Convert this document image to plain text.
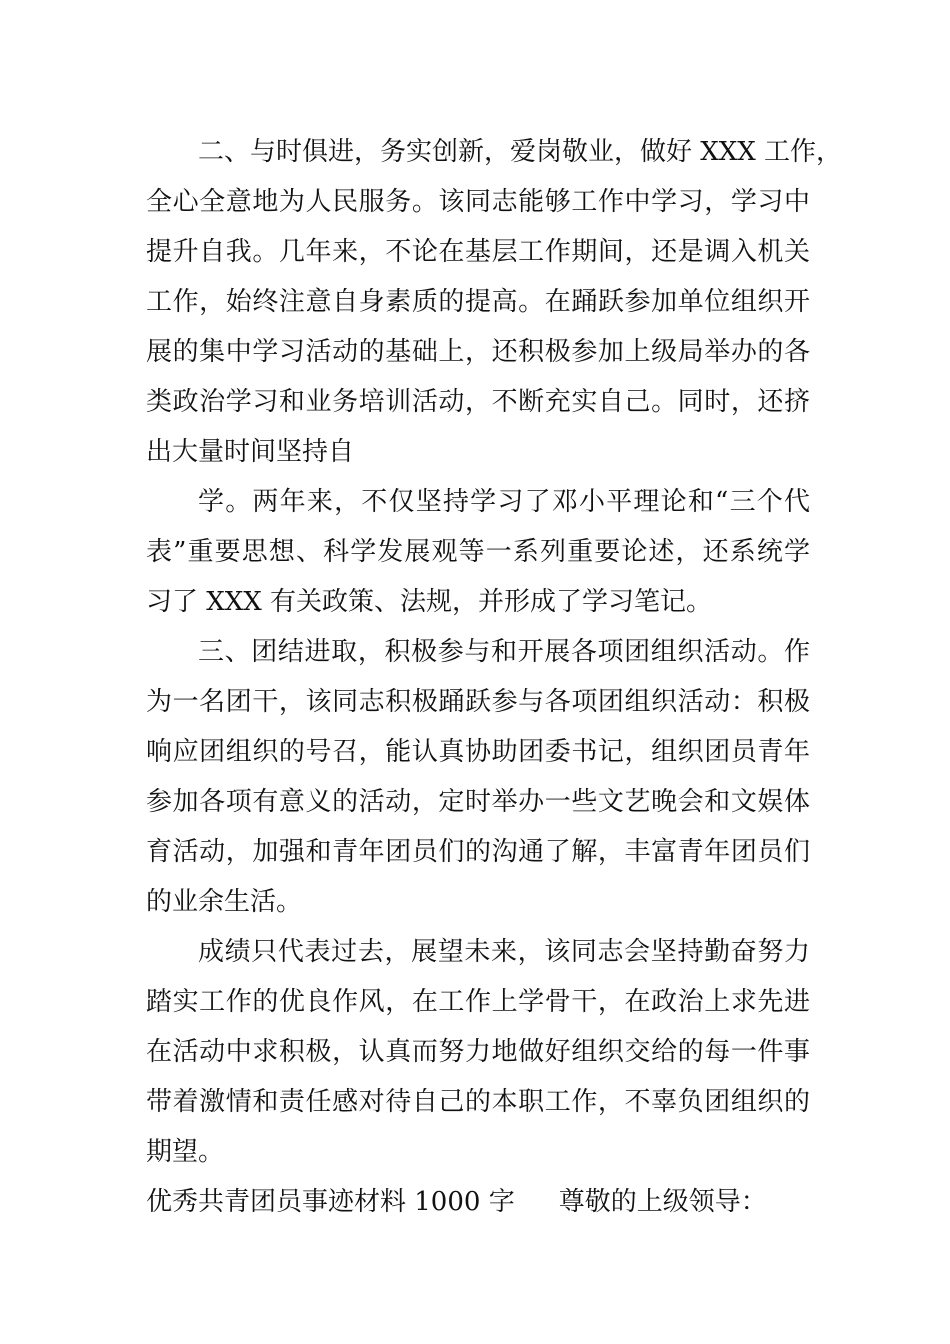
二、与时俱进，务实创新，爱岗敬业，做好 XXX 工作，
全心全意地为人民服务。该同志能够工作中学习，学习中
提升自我。几年来，不论在基层工作期间，还是调入机关
工作，始终注意自身素质的提高。在踊跃参加单位组织开
展的集中学习活动的基础上，还积极参加上级局举办的各
类政治学习和业务培训活动，不断充实自己。同时，还挤
出大量时间坚持自
学。两年来，不仅坚持学习了邓小平理论和“三个代
表”重要思想、科学发展观等一系列重要论述，还系统学
习了 XXX 有关政策、法规，并形成了学习笔记。
三、团结进取，积极参与和开展各项团组织活动。作
为一名团干，该同志积极踊跃参与各项团组织活动：积极
响应团组织的号召，能认真协助团委书记，组织团员青年
参加各项有意义的活动，定时举办一些文艺晚会和文娱体
育活动，加强和青年团员们的沟通了解，丰富青年团员们
的业余生活。
成绩只代表过去，展望未来，该同志会坚持勤奋努力
踏实工作的优良作风，在工作上学骨干，在政治上求先进
在活动中求积极，认真而努力地做好组织交给的每一件事
带着激情和责任感对待自己的本职工作，不辜负团组织的
期望。
优秀共青团员事迹材料 1000 字 尊敬的上级领导：
